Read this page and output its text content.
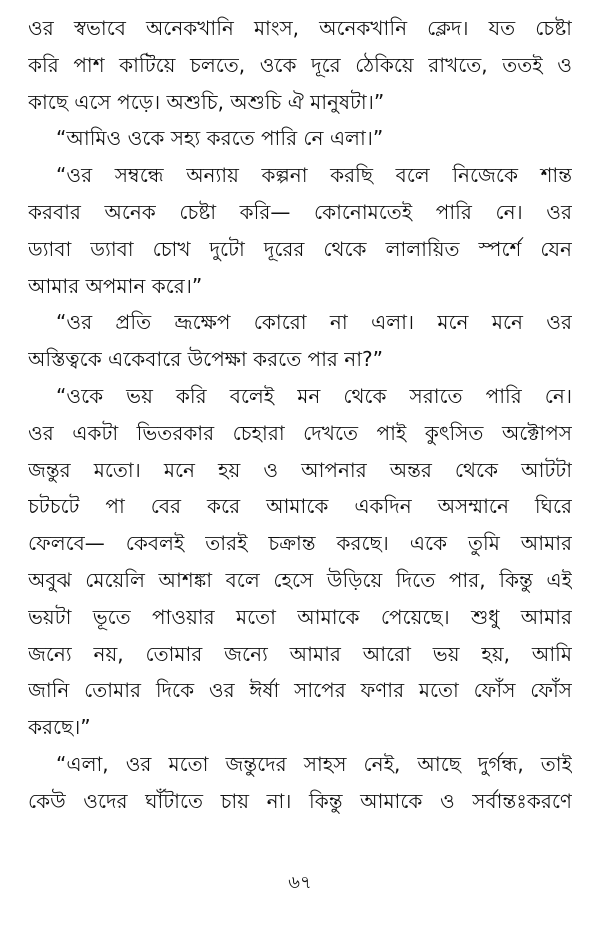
ওর স্বভাবে অনেকখানি মাংস, অনেকখানি ক্লেদ। যত চেষ্টা
করি পাশ কাটিয়ে চলতে, ওকে দূরে ঠেকিয়ে রাখতে, ততই ও
কাছে এসে পড়ে। অশুচি, অশুচি ঐ মানুষটা।”
“আমিও ওকে সহ্য করতে পারি নে এলা।”
“ওর সম্বন্ধে অন্যায় কল্পনা করছি বলে নিজেকে শান্ত
করবার অনেক চেষ্টা করি— কোনোমতেই পারি নে। ওর
ড্যাবা ড্যাবা চোখ দুটো দূরের থেকে লালায়িত স্পর্শে যেন
আমার অপমান করে।”
“ওর প্রতি ভ্রূক্ষেপ কোরো না এলা। মনে মনে ওর
অস্তিত্বকে একেবারে উপেক্ষা করতে পার না?”
“ওকে ভয় করি বলেই মন থেকে সরাতে পারি নে।
ওর একটা ভিতরকার চেহারা দেখতে পাই কুৎসিত অক্টোপস
জন্তুর মতো। মনে হয় ও আপনার অন্তর থেকে আটটা
চটচটে পা বের করে আমাকে একদিন অসম্মানে ঘিরে
ফেলবে— কেবলই তারই চক্রান্ত করছে। একে তুমি আমার
অবুঝ মেয়েলি আশঙ্কা বলে হেসে উড়িয়ে দিতে পার, কিন্তু এই
ভয়টা ভূতে পাওয়ার মতো আমাকে পেয়েছে। শুধু আমার
জন্যে নয়, তোমার জন্যে আমার আরো ভয় হয়, আমি
জানি তোমার দিকে ওর ঈর্ষা সাপের ফণার মতো ফোঁস ফোঁস
করছে।”
“এলা, ওর মতো জন্তুদের সাহস নেই, আছে দুর্গন্ধ, তাই
কেউ ওদের ঘাঁটাতে চায় না। কিন্তু আমাকে ও সর্বান্তঃকরণে
৬৭
